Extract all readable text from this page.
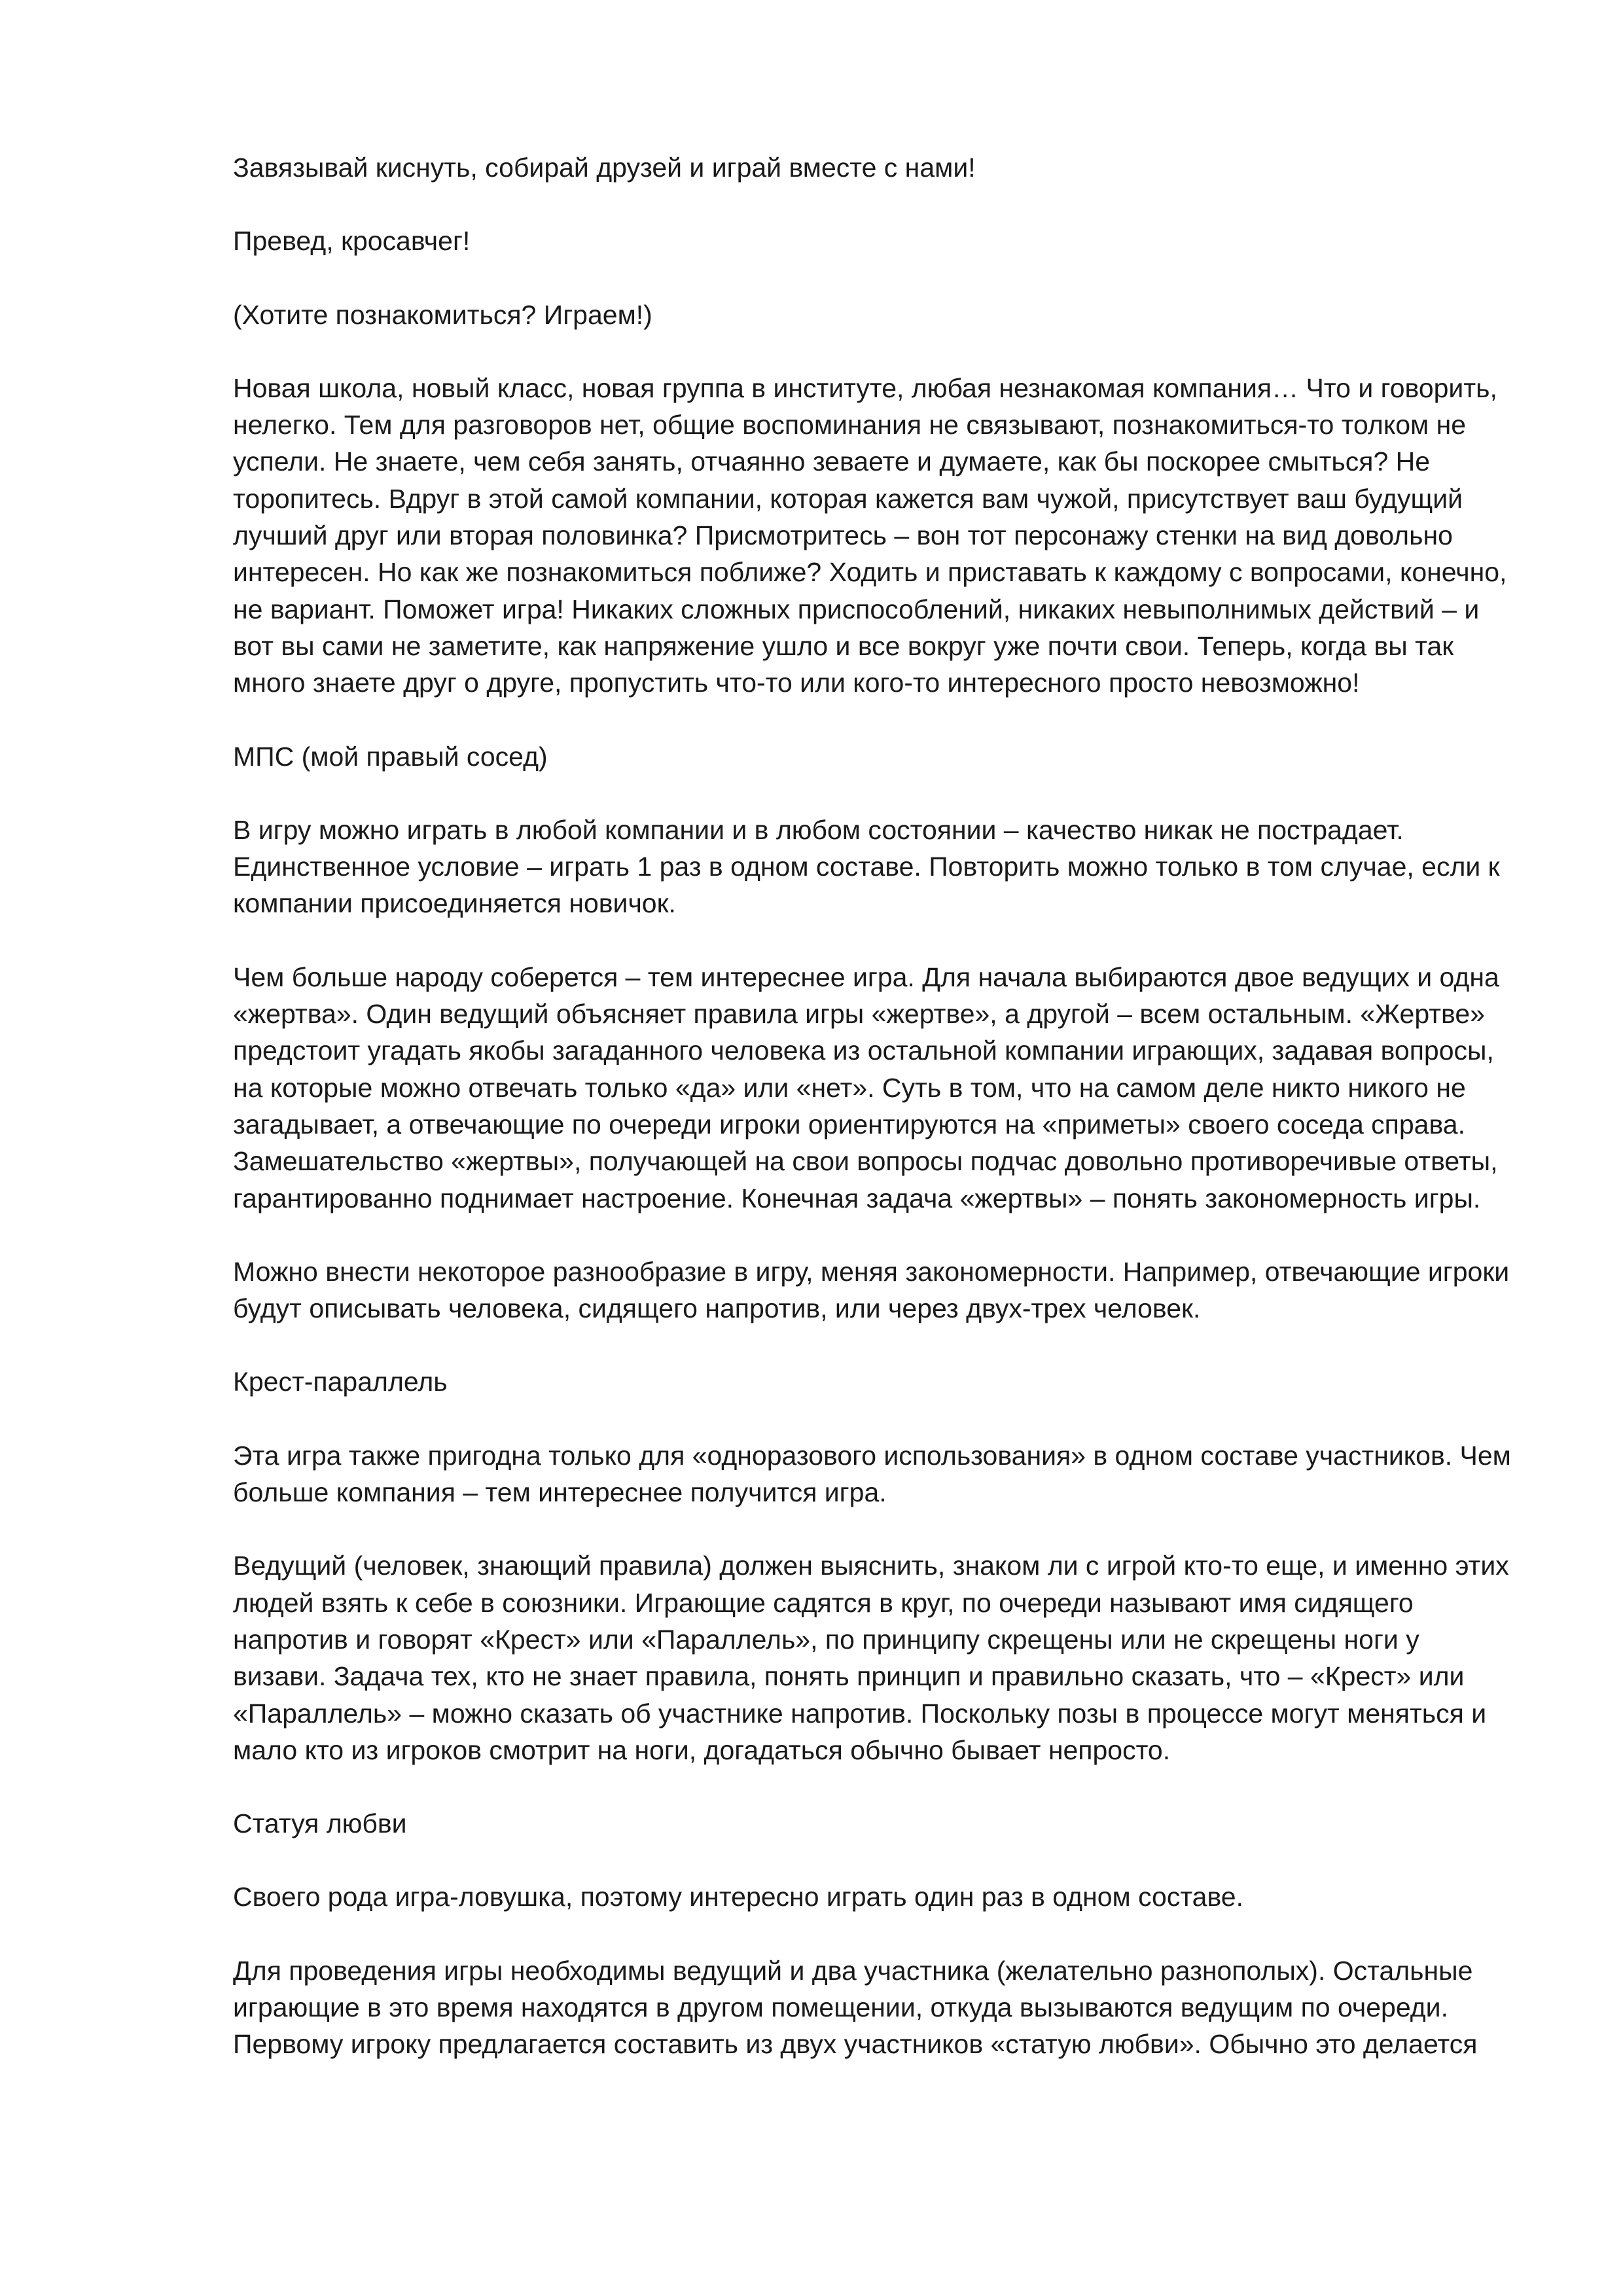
Завязывай киснуть, собирай друзей и играй вместе с нами!

Превед, кросавчег!

(Хотите познакомиться? Играем!)

Новая школа, новый класс, новая группа в институте, любая незнакомая компания… Что и говорить, нелегко. Тем для разговоров нет, общие воспоминания не связывают, познакомиться-то толком не успели. Не знаете, чем себя занять, отчаянно зеваете и думаете, как бы поскорее смыться? Не торопитесь. Вдруг в этой самой компании, которая кажется вам чужой, присутствует ваш будущий лучший друг или вторая половинка? Присмотритесь – вон тот персонажу стенки на вид довольно интересен. Но как же познакомиться поближе? Ходить и приставать к каждому с вопросами, конечно, не вариант. Поможет игра! Никаких сложных приспособлений, никаких невыполнимых действий – и вот вы сами не заметите, как напряжение ушло и все вокруг уже почти свои. Теперь, когда вы так много знаете друг о друге, пропустить что-то или кого-то интересного просто невозможно!

МПС (мой правый сосед)

В игру можно играть в любой компании и в любом состоянии – качество никак не пострадает. Единственное условие – играть 1 раз в одном составе. Повторить можно только в том случае, если к компании присоединяется новичок.

Чем больше народу соберется – тем интереснее игра. Для начала выбираются двое ведущих и одна «жертва». Один ведущий объясняет правила игры «жертве», а другой – всем остальным. «Жертве» предстоит угадать якобы загаданного человека из остальной компании играющих, задавая вопросы, на которые можно отвечать только «да» или «нет». Суть в том, что на самом деле никто никого не загадывает, а отвечающие по очереди игроки ориентируются на «приметы» своего соседа справа. Замешательство «жертвы», получающей на свои вопросы подчас довольно противоречивые ответы, гарантированно поднимает настроение. Конечная задача «жертвы» – понять закономерность игры.

Можно внести некоторое разнообразие в игру, меняя закономерности. Например, отвечающие игроки будут описывать человека, сидящего напротив, или через двух-трех человек.

Крест-параллель

Эта игра также пригодна только для «одноразового использования» в одном составе участников. Чем больше компания – тем интереснее получится игра.

Ведущий (человек, знающий правила) должен выяснить, знаком ли с игрой кто-то еще, и именно этих людей взять к себе в союзники. Играющие садятся в круг, по очереди называют имя сидящего напротив и говорят «Крест» или «Параллель», по принципу скрещены или не скрещены ноги у визави. Задача тех, кто не знает правила, понять принцип и правильно сказать, что – «Крест» или «Параллель» – можно сказать об участнике напротив. Поскольку позы в процессе могут меняться и мало кто из игроков смотрит на ноги, догадаться обычно бывает непросто.

Статуя любви

Своего рода игра-ловушка, поэтому интересно играть один раз в одном составе.

Для проведения игры необходимы ведущий и два участника (желательно разнополых). Остальные играющие в это время находятся в другом помещении, откуда вызываются ведущим по очереди. Первому игроку предлагается составить из двух участников «статую любви». Обычно это делается
